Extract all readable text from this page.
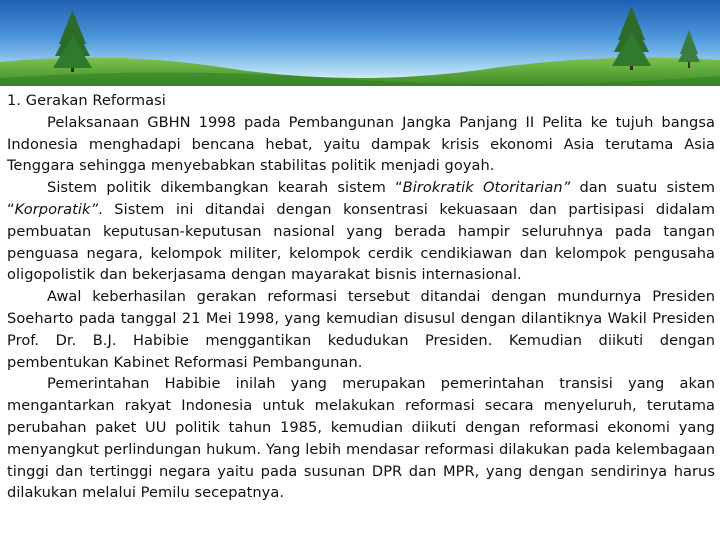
1. Gerakan Reformasi

Pelaksanaan GBHN 1998 pada Pembangunan Jangka Panjang II Pelita ke tujuh bangsa Indonesia menghadapi bencana hebat, yaitu dampak krisis ekonomi Asia terutama Asia Tenggara sehingga menyebabkan stabilitas politik menjadi goyah.

Sistem politik dikembangkan kearah sistem “Birokratik Otoritarian” dan suatu sistem “Korporatik”. Sistem ini ditandai dengan konsentrasi kekuasaan dan partisipasi didalam pembuatan keputusan-keputusan nasional yang berada hampir seluruhnya pada tangan penguasa negara, kelompok militer, kelompok cerdik cendikiawan dan kelompok pengusaha oligopolistik dan bekerjasama dengan mayarakat bisnis internasional.

Awal keberhasilan gerakan reformasi tersebut ditandai dengan mundurnya Presiden Soeharto pada tanggal 21 Mei 1998, yang kemudian disusul dengan dilantiknya Wakil Presiden Prof. Dr. B.J. Habibie menggantikan kedudukan Presiden. Kemudian diikuti dengan pembentukan Kabinet Reformasi Pembangunan.

Pemerintahan Habibie inilah yang merupakan pemerintahan transisi yang akan mengantarkan rakyat Indonesia untuk melakukan reformasi secara menyeluruh, terutama perubahan paket UU politik tahun 1985, kemudian diikuti dengan reformasi ekonomi yang menyangkut perlindungan hukum. Yang lebih mendasar reformasi dilakukan pada kelembagaan tinggi dan tertinggi negara yaitu pada susunan DPR dan MPR, yang dengan sendirinya harus dilakukan melalui Pemilu secepatnya.
